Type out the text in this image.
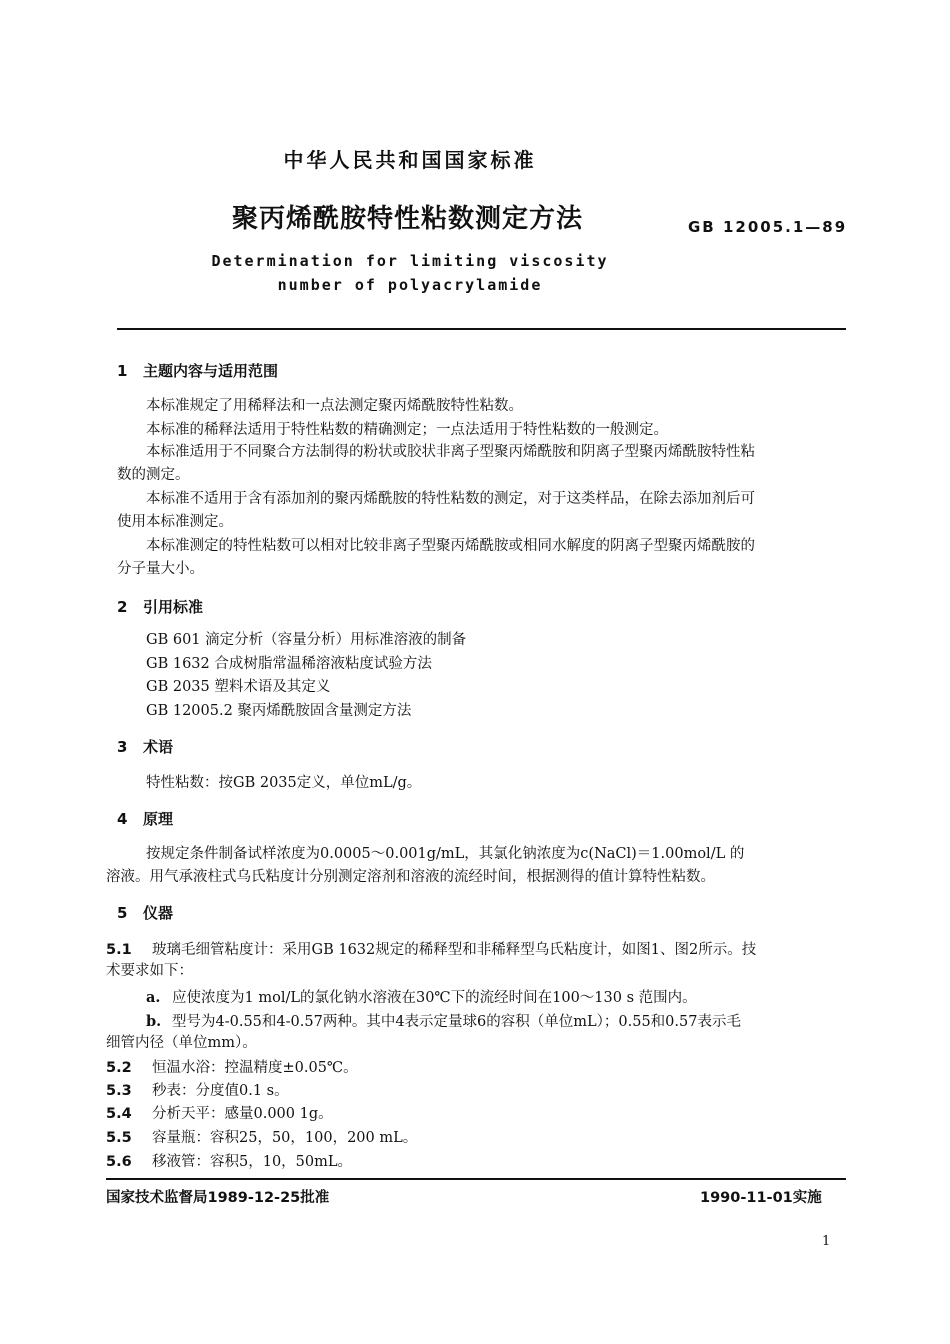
中华人民共和国国家标准
聚丙烯酰胺特性粘数测定方法	GB 12005.1—89
Determination for limiting viscosity
number of polyacrylamide
1 主题内容与适用范围
本标准规定了用稀释法和一点法测定聚丙烯酰胺特性粘数。
本标准的稀释法适用于特性粘数的精确测定；一点法适用于特性粘数的一般测定。
本标准适用于不同聚合方法制得的粉状或胶状非离子型聚丙烯酰胺和阴离子型聚丙烯酰胺特性粘
数的测定。
本标准不适用于含有添加剂的聚丙烯酰胺的特性粘数的测定，对于这类样品，在除去添加剂后可
使用本标准测定。
本标准测定的特性粘数可以相对比较非离子型聚丙烯酰胺或相同水解度的阴离子型聚丙烯酰胺的
分子量大小。
2 引用标准
GB 601 滴定分析（容量分析）用标准溶液的制备
GB 1632 合成树脂常温稀溶液粘度试验方法
GB 2035 塑料术语及其定义
GB 12005.2 聚丙烯酰胺固含量测定方法
3 术语
特性粘数：按GB 2035定义，单位mL/g。
4 原理
按规定条件制备试样浓度为0.0005～0.001g/mL，其氯化钠浓度为c(NaCl)＝1.00mol/L 的
溶液。用气承液柱式乌氏粘度计分别测定溶剂和溶液的流经时间，根据测得的值计算特性粘数。
5 仪器
5.1 玻璃毛细管粘度计：采用GB 1632规定的稀释型和非稀释型乌氏粘度计，如图1、图2所示。技
术要求如下：
a. 应使浓度为1 mol/L的氯化钠水溶液在30℃下的流经时间在100～130 s 范围内。
b. 型号为4-0.55和4-0.57两种。其中4表示定量球6的容积（单位mL）；0.55和0.57表示毛
细管内径（单位mm）。
5.2 恒温水浴：控温精度±0.05℃。
5.3 秒表：分度值0.1 s。
5.4 分析天平：感量0.000 1g。
5.5 容量瓶：容积25，50，100，200 mL。
5.6 移液管：容积5，10，50mL。
国家技术监督局1989-12-25批准	1990-11-01实施
1
